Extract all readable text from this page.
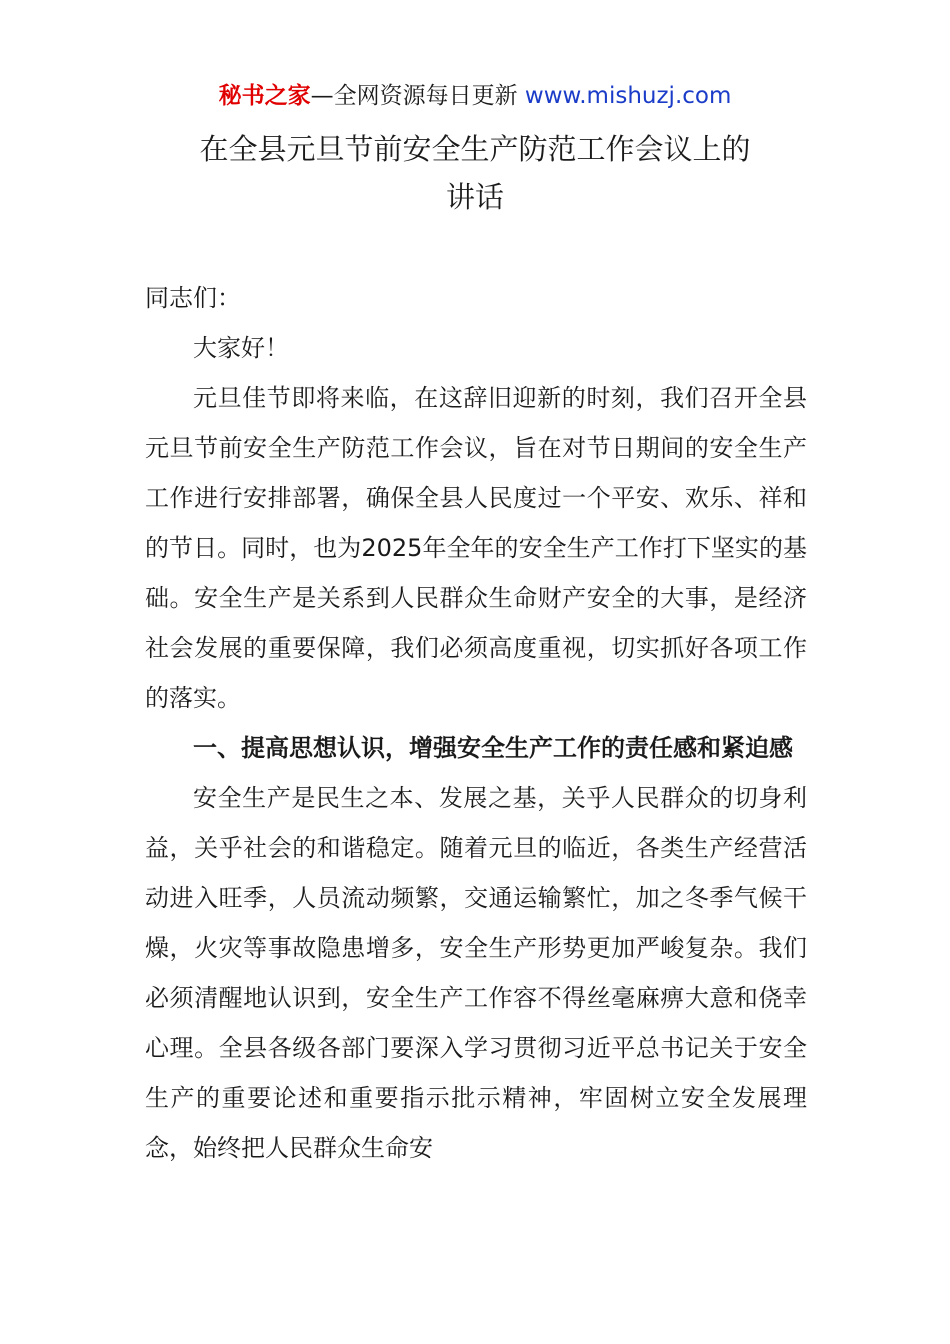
秘书之家—全网资源每日更新 www.mishuzj.com
在全县元旦节前安全生产防范工作会议上的
讲话

同志们：

大家好！

元旦佳节即将来临，在这辞旧迎新的时刻，我们召开全县元旦节前安全生产防范工作会议，旨在对节日期间的安全生产工作进行安排部署，确保全县人民度过一个平安、欢乐、祥和的节日。同时，也为2025年全年的安全生产工作打下坚实的基础。安全生产是关系到人民群众生命财产安全的大事，是经济社会发展的重要保障，我们必须高度重视，切实抓好各项工作的落实。

一、提高思想认识，增强安全生产工作的责任感和紧迫感

安全生产是民生之本、发展之基，关乎人民群众的切身利益，关乎社会的和谐稳定。随着元旦的临近，各类生产经营活动进入旺季，人员流动频繁，交通运输繁忙，加之冬季气候干燥，火灾等事故隐患增多，安全生产形势更加严峻复杂。我们必须清醒地认识到，安全生产工作容不得丝毫麻痹大意和侥幸心理。全县各级各部门要深入学习贯彻习近平总书记关于安全生产的重要论述和重要指示批示精神，牢固树立安全发展理念，始终把人民群众生命安
